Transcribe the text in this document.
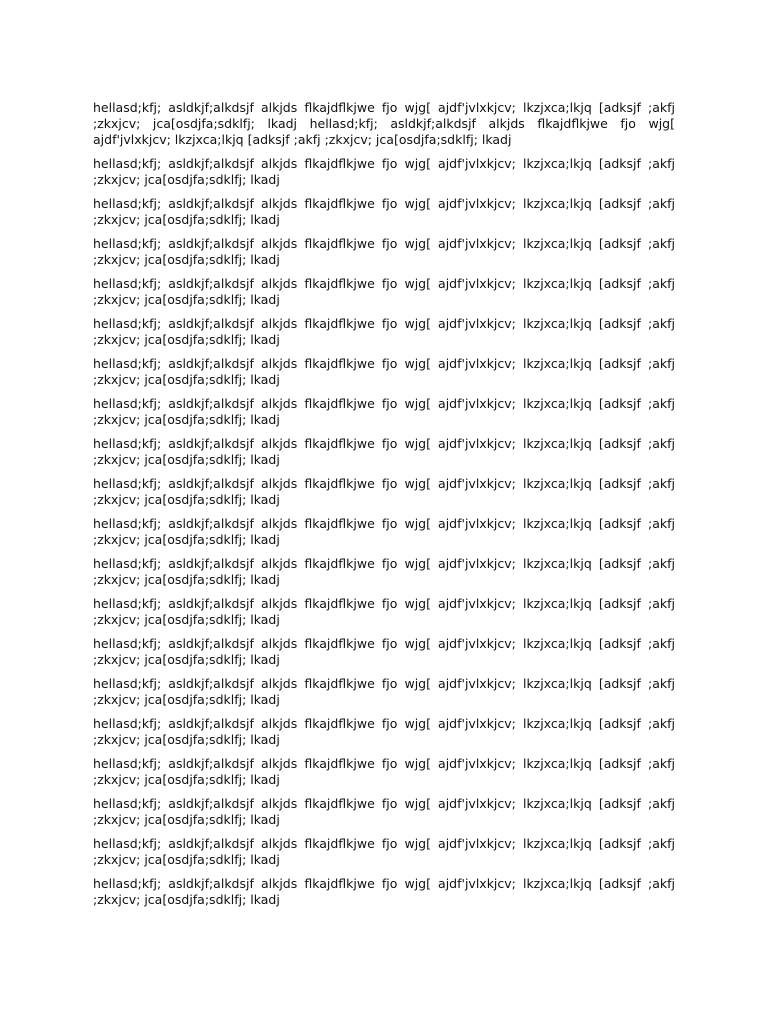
hellasd;kfj; asldkjf;alkdsjf alkjds flkajdflkjwe fjo wjg[ ajdf'jvlxkjcv; lkzjxca;lkjq [adksjf ;akfj ;zkxjcv; jca[osdjfa;sdklfj; lkadj hellasd;kfj; asldkjf;alkdsjf alkjds flkajdflkjwe fjo wjg[ ajdf'jvlxkjcv; lkzjxca;lkjq [adksjf ;akfj ;zkxjcv; jca[osdjfa;sdklfj; lkadj

hellasd;kfj; asldkjf;alkdsjf alkjds flkajdflkjwe fjo wjg[ ajdf'jvlxkjcv; lkzjxca;lkjq [adksjf ;akfj ;zkxjcv; jca[osdjfa;sdklfj; lkadj

hellasd;kfj; asldkjf;alkdsjf alkjds flkajdflkjwe fjo wjg[ ajdf'jvlxkjcv; lkzjxca;lkjq [adksjf ;akfj ;zkxjcv; jca[osdjfa;sdklfj; lkadj

hellasd;kfj; asldkjf;alkdsjf alkjds flkajdflkjwe fjo wjg[ ajdf'jvlxkjcv; lkzjxca;lkjq [adksjf ;akfj ;zkxjcv; jca[osdjfa;sdklfj; lkadj

hellasd;kfj; asldkjf;alkdsjf alkjds flkajdflkjwe fjo wjg[ ajdf'jvlxkjcv; lkzjxca;lkjq [adksjf ;akfj ;zkxjcv; jca[osdjfa;sdklfj; lkadj

hellasd;kfj; asldkjf;alkdsjf alkjds flkajdflkjwe fjo wjg[ ajdf'jvlxkjcv; lkzjxca;lkjq [adksjf ;akfj ;zkxjcv; jca[osdjfa;sdklfj; lkadj

hellasd;kfj; asldkjf;alkdsjf alkjds flkajdflkjwe fjo wjg[ ajdf'jvlxkjcv; lkzjxca;lkjq [adksjf ;akfj ;zkxjcv; jca[osdjfa;sdklfj; lkadj

hellasd;kfj; asldkjf;alkdsjf alkjds flkajdflkjwe fjo wjg[ ajdf'jvlxkjcv; lkzjxca;lkjq [adksjf ;akfj ;zkxjcv; jca[osdjfa;sdklfj; lkadj

hellasd;kfj; asldkjf;alkdsjf alkjds flkajdflkjwe fjo wjg[ ajdf'jvlxkjcv; lkzjxca;lkjq [adksjf ;akfj ;zkxjcv; jca[osdjfa;sdklfj; lkadj

hellasd;kfj; asldkjf;alkdsjf alkjds flkajdflkjwe fjo wjg[ ajdf'jvlxkjcv; lkzjxca;lkjq [adksjf ;akfj ;zkxjcv; jca[osdjfa;sdklfj; lkadj

hellasd;kfj; asldkjf;alkdsjf alkjds flkajdflkjwe fjo wjg[ ajdf'jvlxkjcv; lkzjxca;lkjq [adksjf ;akfj ;zkxjcv; jca[osdjfa;sdklfj; lkadj

hellasd;kfj; asldkjf;alkdsjf alkjds flkajdflkjwe fjo wjg[ ajdf'jvlxkjcv; lkzjxca;lkjq [adksjf ;akfj ;zkxjcv; jca[osdjfa;sdklfj; lkadj

hellasd;kfj; asldkjf;alkdsjf alkjds flkajdflkjwe fjo wjg[ ajdf'jvlxkjcv; lkzjxca;lkjq [adksjf ;akfj ;zkxjcv; jca[osdjfa;sdklfj; lkadj

hellasd;kfj; asldkjf;alkdsjf alkjds flkajdflkjwe fjo wjg[ ajdf'jvlxkjcv; lkzjxca;lkjq [adksjf ;akfj ;zkxjcv; jca[osdjfa;sdklfj; lkadj

hellasd;kfj; asldkjf;alkdsjf alkjds flkajdflkjwe fjo wjg[ ajdf'jvlxkjcv; lkzjxca;lkjq [adksjf ;akfj ;zkxjcv; jca[osdjfa;sdklfj; lkadj

hellasd;kfj; asldkjf;alkdsjf alkjds flkajdflkjwe fjo wjg[ ajdf'jvlxkjcv; lkzjxca;lkjq [adksjf ;akfj ;zkxjcv; jca[osdjfa;sdklfj; lkadj

hellasd;kfj; asldkjf;alkdsjf alkjds flkajdflkjwe fjo wjg[ ajdf'jvlxkjcv; lkzjxca;lkjq [adksjf ;akfj ;zkxjcv; jca[osdjfa;sdklfj; lkadj

hellasd;kfj; asldkjf;alkdsjf alkjds flkajdflkjwe fjo wjg[ ajdf'jvlxkjcv; lkzjxca;lkjq [adksjf ;akfj ;zkxjcv; jca[osdjfa;sdklfj; lkadj

hellasd;kfj; asldkjf;alkdsjf alkjds flkajdflkjwe fjo wjg[ ajdf'jvlxkjcv; lkzjxca;lkjq [adksjf ;akfj ;zkxjcv; jca[osdjfa;sdklfj; lkadj

hellasd;kfj; asldkjf;alkdsjf alkjds flkajdflkjwe fjo wjg[ ajdf'jvlxkjcv; lkzjxca;lkjq [adksjf ;akfj ;zkxjcv; jca[osdjfa;sdklfj; lkadj
